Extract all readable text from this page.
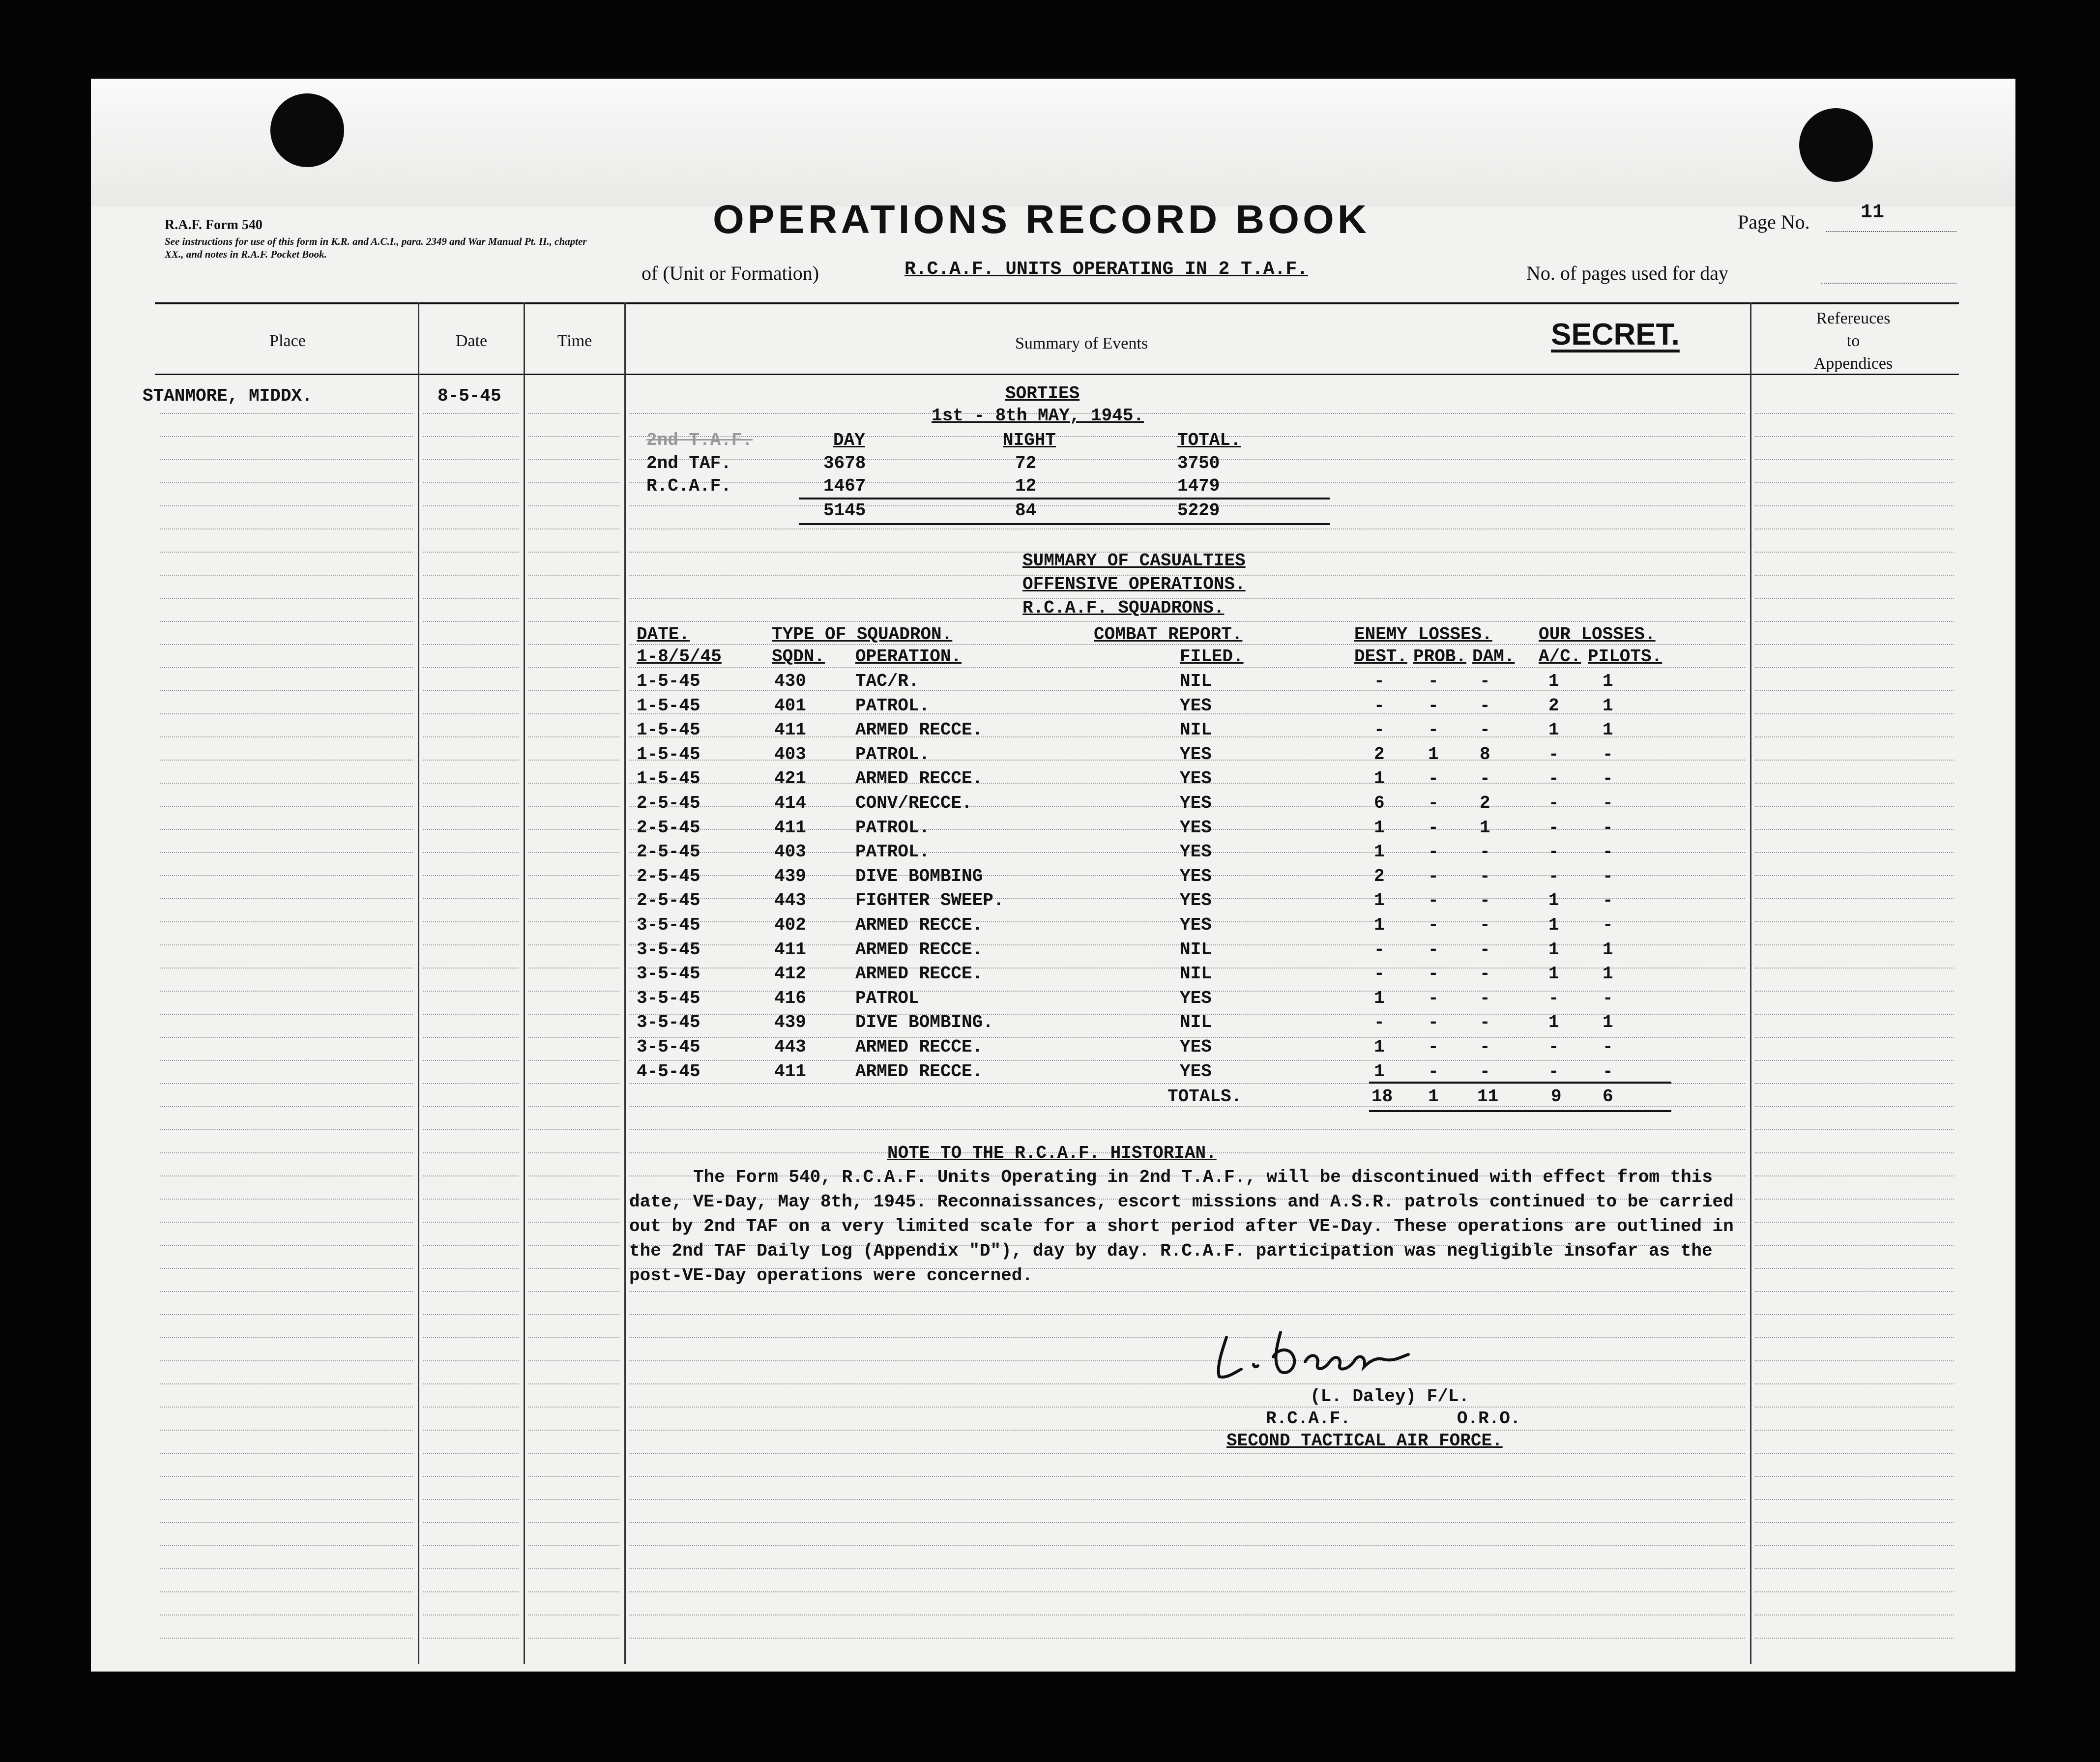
R.A.F. Form 540
See instructions for use of this form in K.R. and A.C.I., para. 2349 and War Manual Pt. II., chapter XX., and notes in R.A.F. Pocket Book.
OPERATIONS RECORD BOOK	Page No.	11
of (Unit or Formation)	R.C.A.F. UNITS OPERATING IN 2 T.A.F.	No. of pages used for day
Place	Date	Time	Summary of Events	SECRET.	Refereuces
to
Appendices
STANMORE, MIDDX.	8-5-45	SORTIES
1st - 8th MAY, 1945.
2nd T.A.F.	DAY	NIGHT	TOTAL.
2nd TAF.	3678	72	3750
R.C.A.F.	1467	12	1479
5145	84	5229
SUMMARY OF CASUALTIES
OFFENSIVE OPERATIONS.
R.C.A.F. SQUADRONS.
DATE.	TYPE OF SQUADRON.	COMBAT REPORT.	ENEMY LOSSES.	OUR LOSSES.
1-8/5/45	SQDN. OPERATION.	FILED.	DEST. PROB. DAM. A/C. PILOTS.
1-5-45	430	TAC/R.	NIL	- - -	1 1
1-5-45	401	PATROL.	YES	- - -	2 1
1-5-45	411	ARMED RECCE.	NIL	- - -	1 1
1-5-45	403	PATROL.	YES	2 1 8	- -
1-5-45	421	ARMED RECCE.	YES	1 - -	- -
2-5-45	414	CONV/RECCE.	YES	6 - 2	- -
2-5-45	411	PATROL.	YES	1 - 1	- -
2-5-45	403	PATROL.	YES	1 - -	- -
2-5-45	439	DIVE BOMBING	YES	2 - -	- -
2-5-45	443	FIGHTER SWEEP.	YES	1 - -	1 -
3-5-45	402	ARMED RECCE.	YES	1 - -	1 -
3-5-45	411	ARMED RECCE.	NIL	- - -	1 1
3-5-45	412	ARMED RECCE.	NIL	- - -	1 1
3-5-45	416	PATROL	YES	1 - -	- -
3-5-45	439	DIVE BOMBING.	NIL	- - -	1 1
3-5-45	443	ARMED RECCE.	YES	1 - -	- -
4-5-45	411	ARMED RECCE.	YES	1 - -	- -
TOTALS.	18 1 11	9 6
NOTE TO THE R.C.A.F. HISTORIAN.
The Form 540, R.C.A.F. Units Operating in 2nd T.A.F., will be discontinued with effect from this date, VE-Day, May 8th, 1945. Reconnaissances, escort missions and A.S.R. patrols continued to be carried out by 2nd TAF on a very limited scale for a short period after VE-Day. These operations are outlined in the 2nd TAF Daily Log (Appendix "D"), day by day. R.C.A.F. participation was negligible insofar as the post-VE-Day operations were concerned.
(L. Daley) F/L.
R.C.A.F.          O.R.O.
SECOND TACTICAL AIR FORCE.
